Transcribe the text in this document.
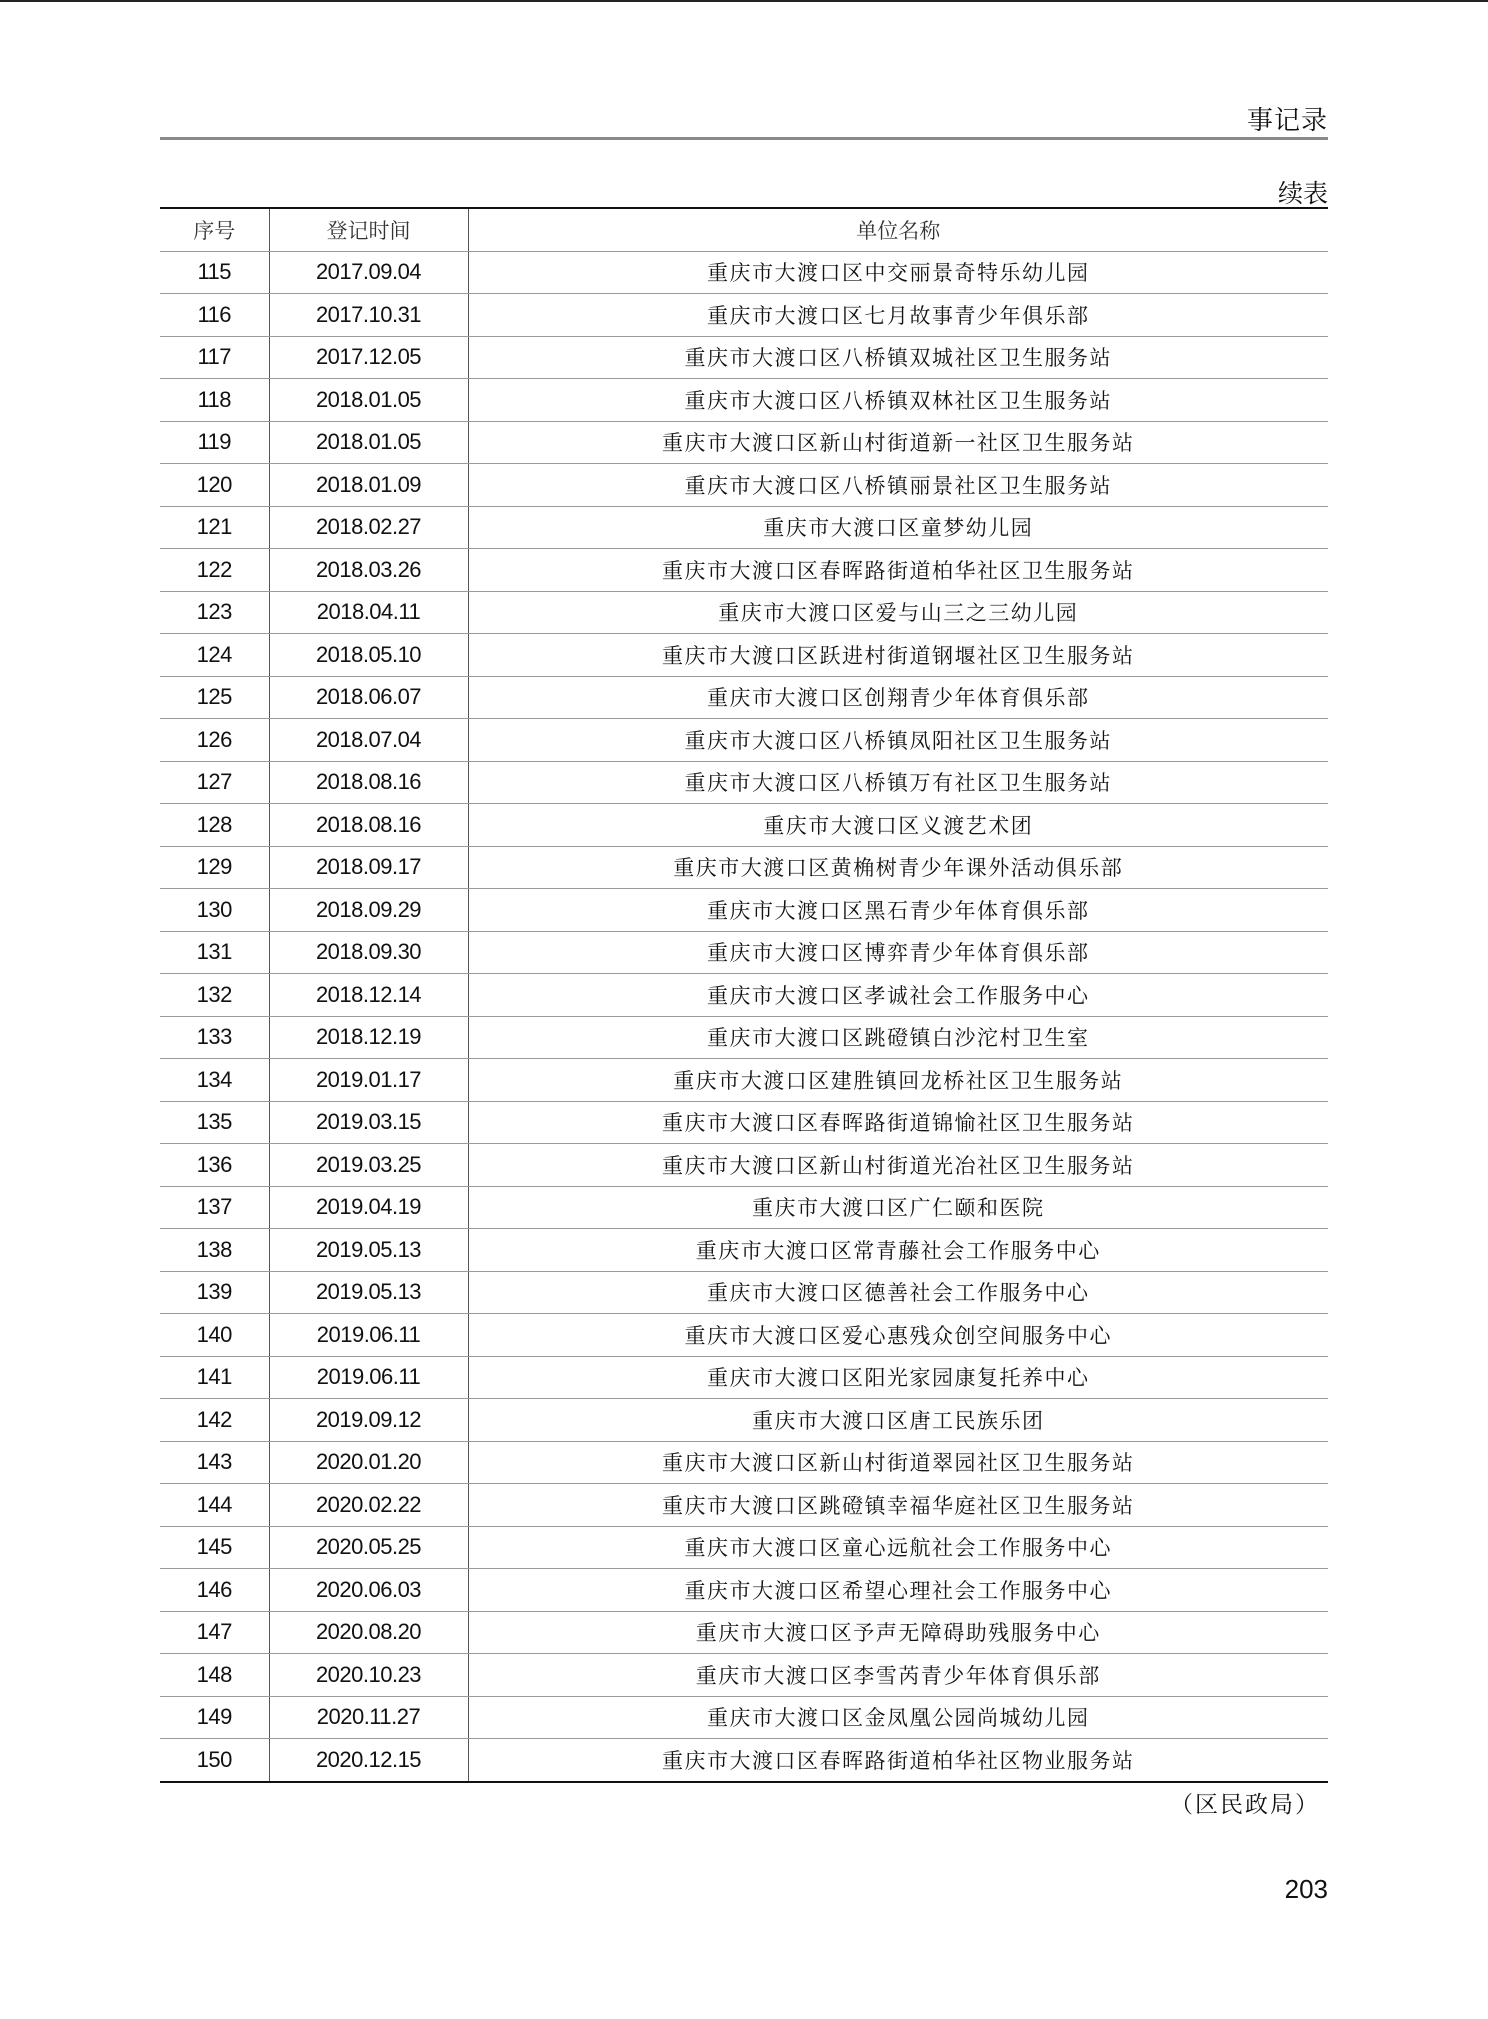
事记录
续表
序号	登记时间	单位名称
115	2017.09.04	重庆市大渡口区中交丽景奇特乐幼儿园
116	2017.10.31	重庆市大渡口区七月故事青少年俱乐部
117	2017.12.05	重庆市大渡口区八桥镇双城社区卫生服务站
118	2018.01.05	重庆市大渡口区八桥镇双林社区卫生服务站
119	2018.01.05	重庆市大渡口区新山村街道新一社区卫生服务站
120	2018.01.09	重庆市大渡口区八桥镇丽景社区卫生服务站
121	2018.02.27	重庆市大渡口区童梦幼儿园
122	2018.03.26	重庆市大渡口区春晖路街道柏华社区卫生服务站
123	2018.04.11	重庆市大渡口区爱与山三之三幼儿园
124	2018.05.10	重庆市大渡口区跃进村街道钢堰社区卫生服务站
125	2018.06.07	重庆市大渡口区创翔青少年体育俱乐部
126	2018.07.04	重庆市大渡口区八桥镇凤阳社区卫生服务站
127	2018.08.16	重庆市大渡口区八桥镇万有社区卫生服务站
128	2018.08.16	重庆市大渡口区义渡艺术团
129	2018.09.17	重庆市大渡口区黄桷树青少年课外活动俱乐部
130	2018.09.29	重庆市大渡口区黑石青少年体育俱乐部
131	2018.09.30	重庆市大渡口区博弈青少年体育俱乐部
132	2018.12.14	重庆市大渡口区孝诚社会工作服务中心
133	2018.12.19	重庆市大渡口区跳磴镇白沙沱村卫生室
134	2019.01.17	重庆市大渡口区建胜镇回龙桥社区卫生服务站
135	2019.03.15	重庆市大渡口区春晖路街道锦愉社区卫生服务站
136	2019.03.25	重庆市大渡口区新山村街道光冶社区卫生服务站
137	2019.04.19	重庆市大渡口区广仁颐和医院
138	2019.05.13	重庆市大渡口区常青藤社会工作服务中心
139	2019.05.13	重庆市大渡口区德善社会工作服务中心
140	2019.06.11	重庆市大渡口区爱心惠残众创空间服务中心
141	2019.06.11	重庆市大渡口区阳光家园康复托养中心
142	2019.09.12	重庆市大渡口区唐工民族乐团
143	2020.01.20	重庆市大渡口区新山村街道翠园社区卫生服务站
144	2020.02.22	重庆市大渡口区跳磴镇幸福华庭社区卫生服务站
145	2020.05.25	重庆市大渡口区童心远航社会工作服务中心
146	2020.06.03	重庆市大渡口区希望心理社会工作服务中心
147	2020.08.20	重庆市大渡口区予声无障碍助残服务中心
148	2020.10.23	重庆市大渡口区李雪芮青少年体育俱乐部
149	2020.11.27	重庆市大渡口区金凤凰公园尚城幼儿园
150	2020.12.15	重庆市大渡口区春晖路街道柏华社区物业服务站
（区民政局）
203
